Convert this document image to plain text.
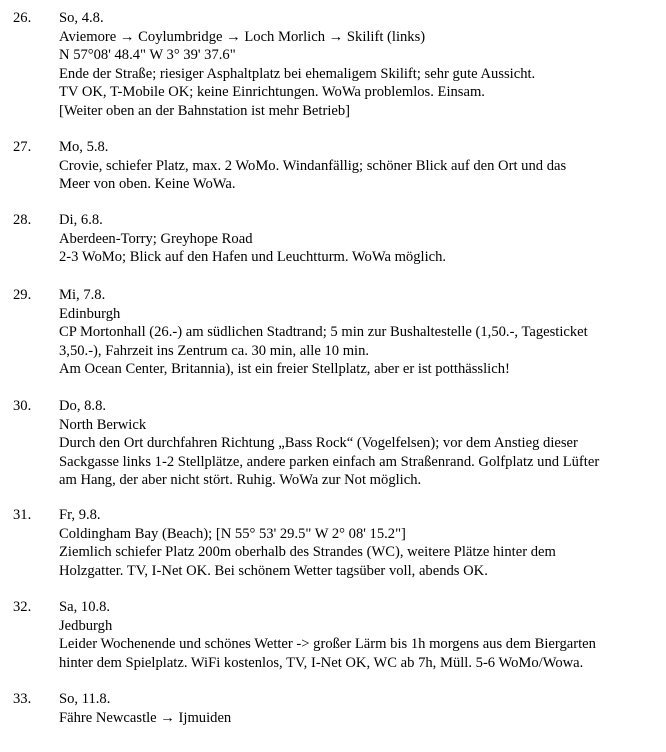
26.	So, 4.8.
Aviemore → Coylumbridge → Loch Morlich → Skilift (links)
N 57°08' 48.4" W 3° 39' 37.6"
Ende der Straße; riesiger Asphaltplatz bei ehemaligem Skilift; sehr gute Aussicht.
TV OK, T-Mobile OK; keine Einrichtungen. WoWa problemlos. Einsam.
[Weiter oben an der Bahnstation ist mehr Betrieb]
27.	Mo, 5.8.
Crovie, schiefer Platz, max. 2 WoMo. Windanfällig; schöner Blick auf den Ort und das
Meer von oben. Keine WoWa.
28.	Di, 6.8.
Aberdeen-Torry; Greyhope Road
2-3 WoMo; Blick auf den Hafen und Leuchtturm. WoWa möglich.
29.	Mi, 7.8.
Edinburgh
CP Mortonhall (26.-) am südlichen Stadtrand; 5 min zur Bushaltestelle (1,50.-, Tagesticket
3,50.-), Fahrzeit ins Zentrum ca. 30 min, alle 10 min.
Am Ocean Center, Britannia), ist ein freier Stellplatz, aber er ist potthässlich!
30.	Do, 8.8.
North Berwick
Durch den Ort durchfahren Richtung „Bass Rock“ (Vogelfelsen); vor dem Anstieg dieser
Sackgasse links 1-2 Stellplätze, andere parken einfach am Straßenrand. Golfplatz und Lüfter
am Hang, der aber nicht stört. Ruhig. WoWa zur Not möglich.
31.	Fr, 9.8.
Coldingham Bay (Beach); [N 55° 53' 29.5" W 2° 08' 15.2"]
Ziemlich schiefer Platz 200m oberhalb des Strandes (WC), weitere Plätze hinter dem
Holzgatter. TV, I-Net OK. Bei schönem Wetter tagsüber voll, abends OK.
32.	Sa, 10.8.
Jedburgh
Leider Wochenende und schönes Wetter -> großer Lärm bis 1h morgens aus dem Biergarten
hinter dem Spielplatz. WiFi kostenlos, TV, I-Net OK, WC ab 7h, Müll. 5-6 WoMo/Wowa.
33.	So, 11.8.
Fähre Newcastle → Ijmuiden
